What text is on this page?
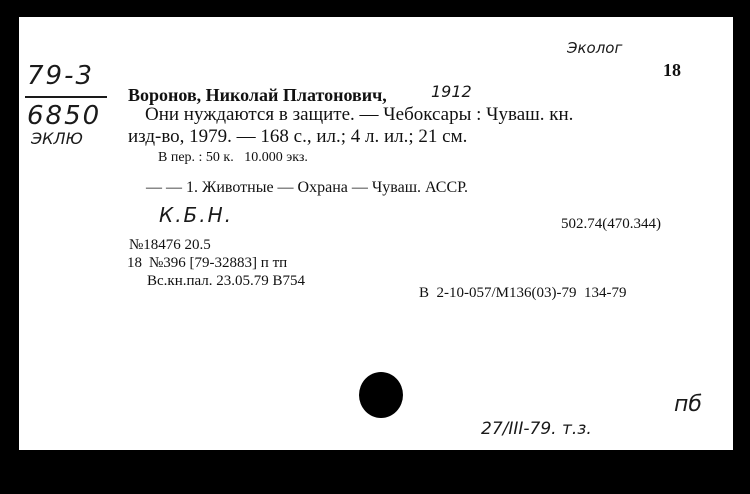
79-3
6850
ЭКЛЮ
Эколог
18
Воронов, Николай Платонович,	1912
Они нуждаются в защите. — Чебоксары : Чуваш. кн.
изд-во, 1979. — 168 с., ил.; 4 л. ил.; 21 см.
В пер. : 50 к.   10.000 экз.
— — 1. Животные — Охрана — Чуваш. АССР.
К.Б.Н.	502.74(470.344)
№18476 20.5
18 №396 [79-32883] п тп
Вс.кн.пал. 23.05.79 В754
В  2-10-057/М136(03)-79  134-79
27/III-79. т.з.
пб
